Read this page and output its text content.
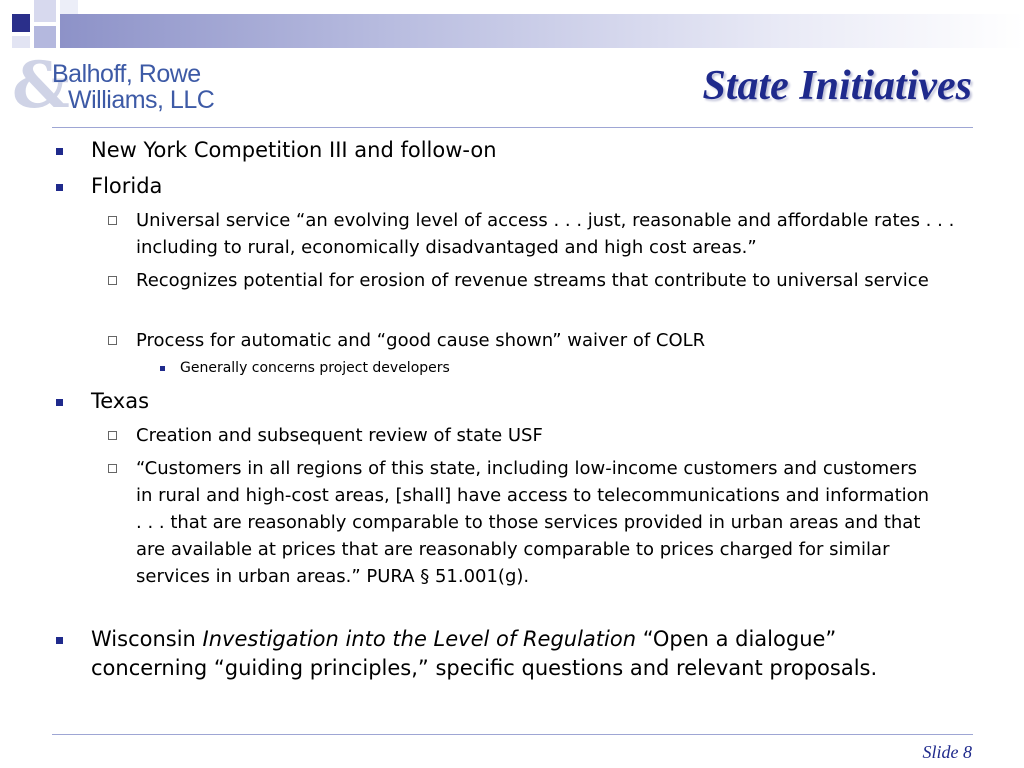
&
Balhoff, Rowe
Williams, LLC	State Initiatives
New York Competition III and follow-on
Florida
Universal service “an evolving level of access . . . just, reasonable and affordable rates . . . including to rural, economically disadvantaged and high cost areas.”
Recognizes potential for erosion of revenue streams that contribute to universal service
Process for automatic and “good cause shown” waiver of COLR
Generally concerns project developers
Texas
Creation and subsequent review of state USF
“Customers in all regions of this state, including low-income customers and customers in rural and high-cost areas, [shall] have access to telecommunications and information . . . that are reasonably comparable to those services provided in urban areas and that are available at prices that are reasonably comparable to prices charged for similar services in urban areas.” PURA § 51.001(g).
Wisconsin Investigation into the Level of Regulation “Open a dialogue” concerning “guiding principles,” specific questions and relevant proposals.
Slide 8
